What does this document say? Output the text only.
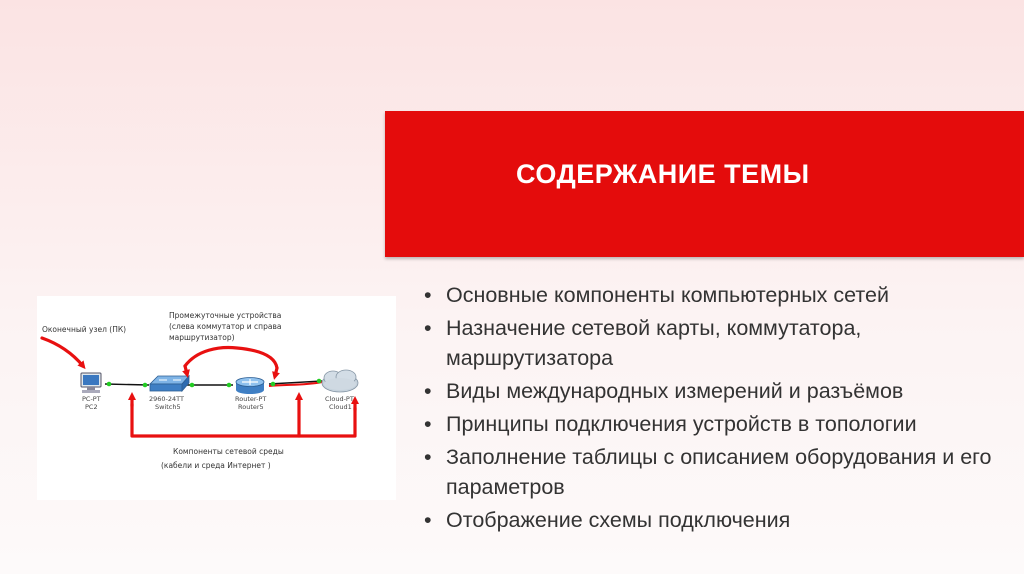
СОДЕРЖАНИЕ ТЕМЫ
• Основные компоненты компьютерных сетей
• Назначение сетевой карты, коммутатора, маршрутизатора
• Виды международных измерений и разъёмов
• Принципы подключения устройств в топологии
• Заполнение таблицы с описанием оборудования и его параметров
• Отображение схемы подключения
Оконечный узел (ПК)
Промежуточные устройства
(слева коммутатор и справа
маршрутизатор)
Компоненты сетевой среды
(кабели и среда Интернет )
PC-PT
PC2
2960-24TT
Switch5
Router-PT
Router5
Cloud-PT
Cloud1
